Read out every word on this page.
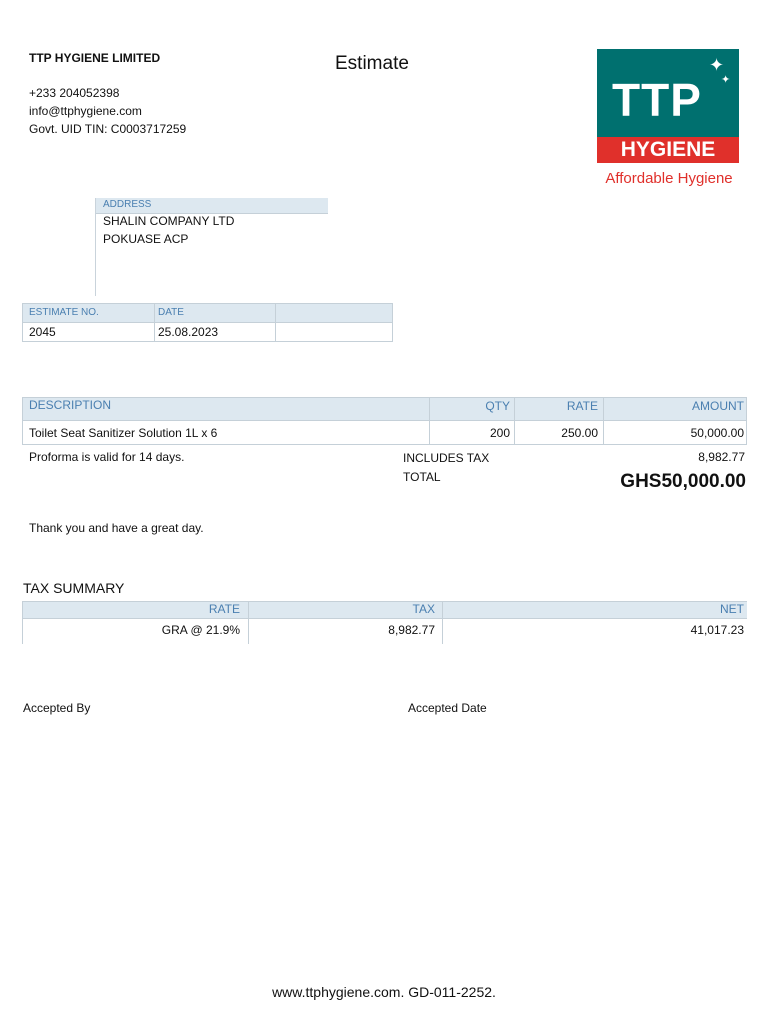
TTP HYGIENE LIMITED	Estimate
+233 204052398
info@ttphygiene.com
Govt. UID TIN: C0003717259
TTP
✦
✦
HYGIENE
Affordable Hygiene
ADDRESS
SHALIN COMPANY LTD
POKUASE ACP
ESTIMATE NO.	DATE
2045	25.08.2023
DESCRIPTION	QTY	RATE	AMOUNT
Toilet Seat Sanitizer Solution 1L x 6	200	250.00	50,000.00
Proforma is valid for 14 days.	INCLUDES TAX	8,982.77
TOTAL	GHS50,000.00
Thank you and have a great day.
TAX SUMMARY
RATE	TAX	NET
GRA @ 21.9%	8,982.77	41,017.23
Accepted By	Accepted Date
www.ttphygiene.com. GD-011-2252.
